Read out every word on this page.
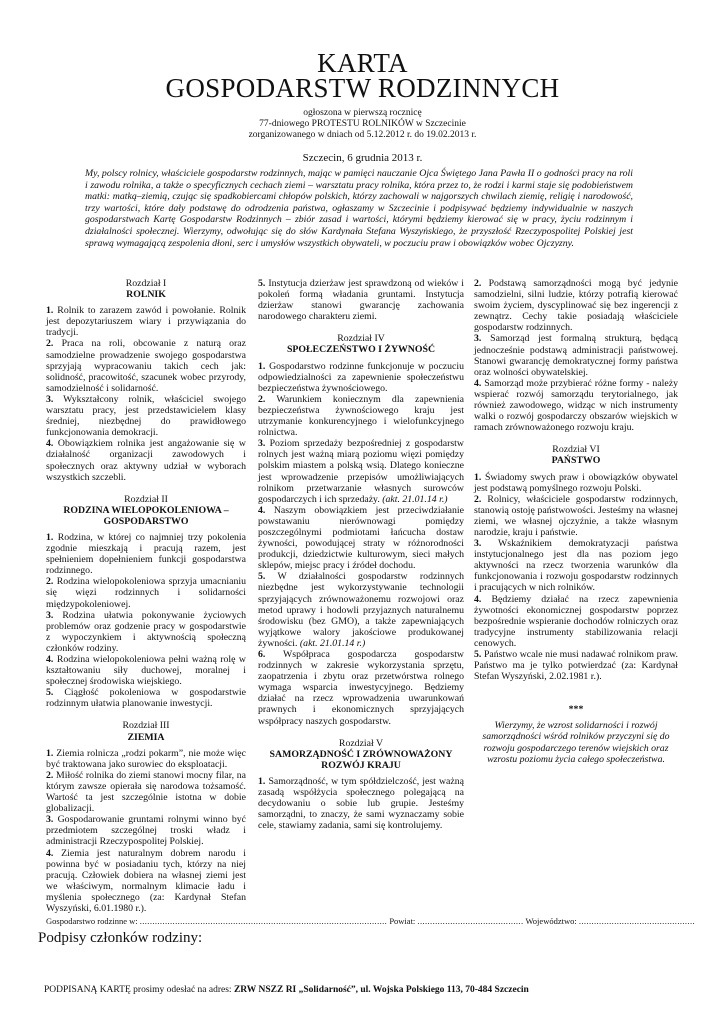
KARTA
GOSPODARSTW RODZINNYCH
ogłoszona w pierwszą rocznicę
77-dniowego PROTESTU ROLNIKÓW w Szczecinie
zorganizowanego w dniach od 5.12.2012 r. do 19.02.2013 r.
Szczecin, 6 grudnia 2013 r.
My, polscy rolnicy, właściciele gospodarstw rodzinnych, mając w pamięci nauczanie Ojca Świętego Jana Pawła II o godności pracy na roli i zawodu rolnika, a także o specyficznych cechach ziemi – warsztatu pracy rolnika, która przez to, że rodzi i karmi staje się podobieństwem matki: matką–ziemią, czując się spadkobiercami chłopów polskich, którzy zachowali w najgorszych chwilach ziemię, religię i narodowość, trzy wartości, które dały podstawę do odrodzenia państwa, ogłaszamy w Szczecinie i podpisywać będziemy indywidualnie w naszych gospodarstwach Kartę Gospodarstw Rodzinnych – zbiór zasad i wartości, którymi będziemy kierować się w pracy, życiu rodzinnym i działalności społecznej. Wierzymy, odwołując się do słów Kardynała Stefana Wyszyńskiego, że przyszłość Rzeczypospolitej Polskiej jest sprawą wymagającą zespolenia dłoni, serc i umysłów wszystkich obywateli, w poczuciu praw i obowiązków wobec Ojczyzny.
Rozdział I
ROLNIK

1. Rolnik to zarazem zawód i powołanie. Rolnik jest depozytariuszem wiary i przywiązania do tradycji.

2. Praca na roli, obcowanie z naturą oraz samodzielne prowadzenie swojego gospodarstwa sprzyjają wypracowaniu takich cech jak: solidność, pracowitość, szacunek wobec przyrody, samodzielność i solidarność.

3. Wykształcony rolnik, właściciel swojego warsztatu pracy, jest przedstawicielem klasy średniej, niezbędnej do prawidłowego funkcjonowania demokracji.

4. Obowiązkiem rolnika jest angażowanie się w działalność organizacji zawodowych i społecznych oraz aktywny udział w wyborach wszystkich szczebli.

Rozdział II
RODZINA WIELOPOKOLENIOWA – GOSPODARSTWO

1. Rodzina, w której co najmniej trzy pokolenia zgodnie mieszkają i pracują razem, jest spełnieniem dopełnieniem funkcji gospodarstwa rodzinnego.

2. Rodzina wielopokoleniowa sprzyja umacnianiu się więzi rodzinnych i solidarności międzypokoleniowej.

3. Rodzina ułatwia pokonywanie życiowych problemów oraz godzenie pracy w gospodarstwie z wypoczynkiem i aktywnością społeczną członków rodziny.

4. Rodzina wielopokoleniowa pełni ważną rolę w kształtowaniu siły duchowej, moralnej i społecznej środowiska wiejskiego.

5. Ciągłość pokoleniowa w gospodarstwie rodzinnym ułatwia planowanie inwestycji.

Rozdział III
ZIEMIA

1. Ziemia rolnicza „rodzi pokarm”, nie może więc być traktowana jako surowiec do eksploatacji.

2. Miłość rolnika do ziemi stanowi mocny filar, na którym zawsze opierała się narodowa tożsamość. Wartość ta jest szczególnie istotna w dobie globalizacji.

3. Gospodarowanie gruntami rolnymi winno być przedmiotem szczególnej troski władz i administracji Rzeczypospolitej Polskiej.

4. Ziemia jest naturalnym dobrem narodu i powinna być w posiadaniu tych, którzy na niej pracują. Człowiek dobiera na własnej ziemi jest we właściwym, normalnym klimacie ładu i myślenia społecznego (za: Kardynał Stefan Wyszyński, 6.01.1980 r.).

5. Instytucja dzierżaw jest sprawdzoną od wieków i pokoleń formą władania gruntami. Instytucja dzierżaw stanowi gwarancję zachowania narodowego charakteru ziemi.

Rozdział IV
SPOŁECZEŃSTWO I ŻYWNOŚĆ

1. Gospodarstwo rodzinne funkcjonuje w poczuciu odpowiedzialności za zapewnienie społeczeństwu bezpieczeństwa żywnościowego.

2. Warunkiem koniecznym dla zapewnienia bezpieczeństwa żywnościowego kraju jest utrzymanie konkurencyjnego i wielofunkcyjnego rolnictwa.

3. Poziom sprzedaży bezpośredniej z gospodarstw rolnych jest ważną miarą poziomu więzi pomiędzy polskim miastem a polską wsią. Dlatego konieczne jest wprowadzenie przepisów umożliwiających rolnikom przetwarzanie własnych surowców gospodarczych i ich sprzedaży. (akt. 21.01.14 r.)

4. Naszym obowiązkiem jest przeciwdziałanie powstawaniu nierównowagi pomiędzy poszczególnymi podmiotami łańcucha dostaw żywności, powodującej straty w różnorodności produkcji, dziedzictwie kulturowym, sieci małych sklepów, miejsc pracy i źródeł dochodu.

5. W działalności gospodarstw rodzinnych niezbędne jest wykorzystywanie technologii sprzyjających zrównoważonemu rozwojowi oraz metod uprawy i hodowli przyjaznych naturalnemu środowisku (bez GMO), a także zapewniających wyjątkowe walory jakościowe produkowanej żywności. (akt. 21.01.14 r.)

6. Współpraca gospodarcza gospodarstw rodzinnych w zakresie wykorzystania sprzętu, zaopatrzenia i zbytu oraz przetwórstwa rolnego wymaga wsparcia inwestycyjnego. Będziemy działać na rzecz wprowadzenia uwarunkowań prawnych i ekonomicznych sprzyjających współpracy naszych gospodarstw.

Rozdział V
SAMORZĄDNOŚĆ I ZRÓWNOWAŻONY ROZWÓJ KRAJU

1. Samorządność, w tym spółdzielczość, jest ważną zasadą współżycia społecznego polegającą na decydowaniu o sobie lub grupie. Jesteśmy samorządni, to znaczy, że sami wyznaczamy sobie cele, stawiamy zadania, sami się kontrolujemy.

2. Podstawą samorządności mogą być jedynie samodzielni, silni ludzie, którzy potrafią kierować swoim życiem, dyscyplinować się bez ingerencji z zewnątrz. Cechy takie posiadają właściciele gospodarstw rodzinnych.

3. Samorząd jest formalną strukturą, będącą jednocześnie podstawą administracji państwowej. Stanowi gwarancję demokratycznej formy państwa oraz wolności obywatelskiej.

4. Samorząd może przybierać różne formy - należy wspierać rozwój samorządu terytorialnego, jak również zawodowego, widząc w nich instrumenty walki o rozwój gospodarczy obszarów wiejskich w ramach zrównoważonego rozwoju kraju.

Rozdział VI
PAŃSTWO

1. Świadomy swych praw i obowiązków obywatel jest podstawą pomyślnego rozwoju Polski.

2. Rolnicy, właściciele gospodarstw rodzinnych, stanowią ostoję państwowości. Jesteśmy na własnej ziemi, we własnej ojczyźnie, a także własnym narodzie, kraju i państwie.

3. Wskaźnikiem demokratyzacji państwa instytucjonalnego jest dla nas poziom jego aktywności na rzecz tworzenia warunków dla funkcjonowania i rozwoju gospodarstw rodzinnych i pracujących w nich rolników.

4. Będziemy działać na rzecz zapewnienia żywotności ekonomicznej gospodarstw poprzez bezpośrednie wspieranie dochodów rolniczych oraz tradycyjne instrumenty stabilizowania relacji cenowych.

5. Państwo wcale nie musi nadawać rolnikom praw. Państwo ma je tylko potwierdzać (za: Kardynał Stefan Wyszyński, 2.02.1981 r.).

***
Wierzymy, że wzrost solidarności i rozwój samorządności wśród rolników przyczyni się do rozwoju gospodarczego terenów wiejskich oraz wzrostu poziomu życia całego społeczeństwa.
Gospodarstwo rodzinne w: .................................................................................................. Powiat: .......................................... Województwo: ..............................................
Podpisy członków rodziny:
PODPISANĄ KARTĘ prosimy odesłać na adres: ZRW NSZZ RI „Solidarność”, ul. Wojska Polskiego 113, 70-484 Szczecin
